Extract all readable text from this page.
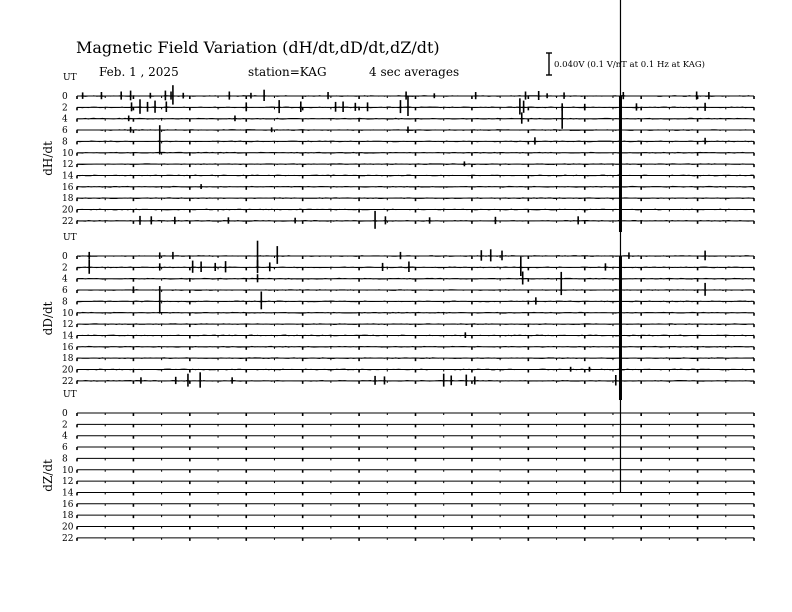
UT
dH/dt
0
2
4
6
8
10
12
14
16
18
20
22
UT
dD/dt
0
2
4
6
8
10
12
14
16
18
20
22
UT
dZ/dt
0
2
4
6
8
10
12
14
16
18
20
22
Magnetic Field Variation (dH/dt,dD/dt,dZ/dt)
Feb. 1 , 2025	station=KAG	4 sec averages	0.040V (0.1 V/nT at 0.1 Hz at KAG)
